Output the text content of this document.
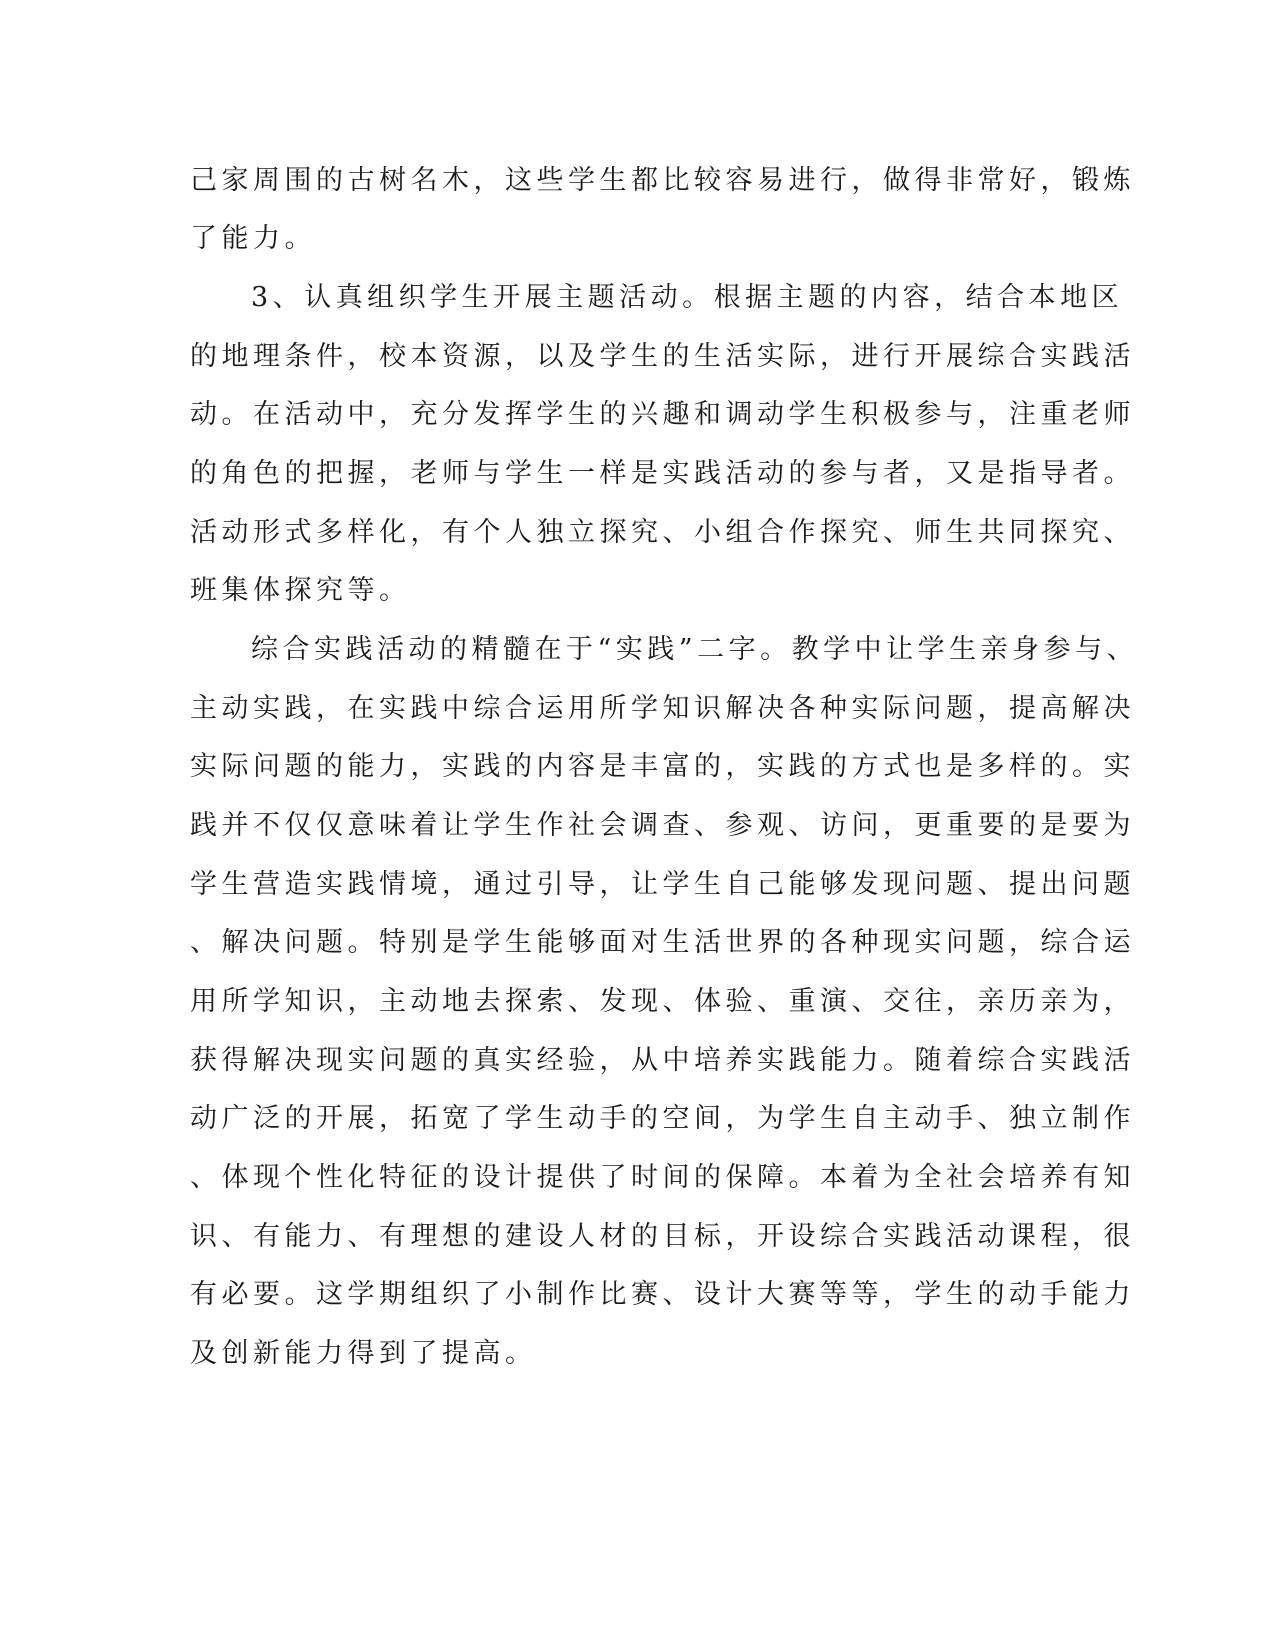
己家周围的古树名木，这些学生都比较容易进行，做得非常好，锻炼
了能力。
3、认真组织学生开展主题活动。根据主题的内容，结合本地区
的地理条件，校本资源，以及学生的生活实际，进行开展综合实践活
动。在活动中，充分发挥学生的兴趣和调动学生积极参与，注重老师
的角色的把握，老师与学生一样是实践活动的参与者，又是指导者。
活动形式多样化，有个人独立探究、小组合作探究、师生共同探究、
班集体探究等。
综合实践活动的精髓在于“实践”二字。教学中让学生亲身参与、
主动实践，在实践中综合运用所学知识解决各种实际问题，提高解决
实际问题的能力，实践的内容是丰富的，实践的方式也是多样的。实
践并不仅仅意味着让学生作社会调查、参观、访问，更重要的是要为
学生营造实践情境，通过引导，让学生自己能够发现问题、提出问题
、解决问题。特别是学生能够面对生活世界的各种现实问题，综合运
用所学知识，主动地去探索、发现、体验、重演、交往，亲历亲为，
获得解决现实问题的真实经验，从中培养实践能力。随着综合实践活
动广泛的开展，拓宽了学生动手的空间，为学生自主动手、独立制作
、体现个性化特征的设计提供了时间的保障。本着为全社会培养有知
识、有能力、有理想的建设人材的目标，开设综合实践活动课程，很
有必要。这学期组织了小制作比赛、设计大赛等等，学生的动手能力
及创新能力得到了提高。
